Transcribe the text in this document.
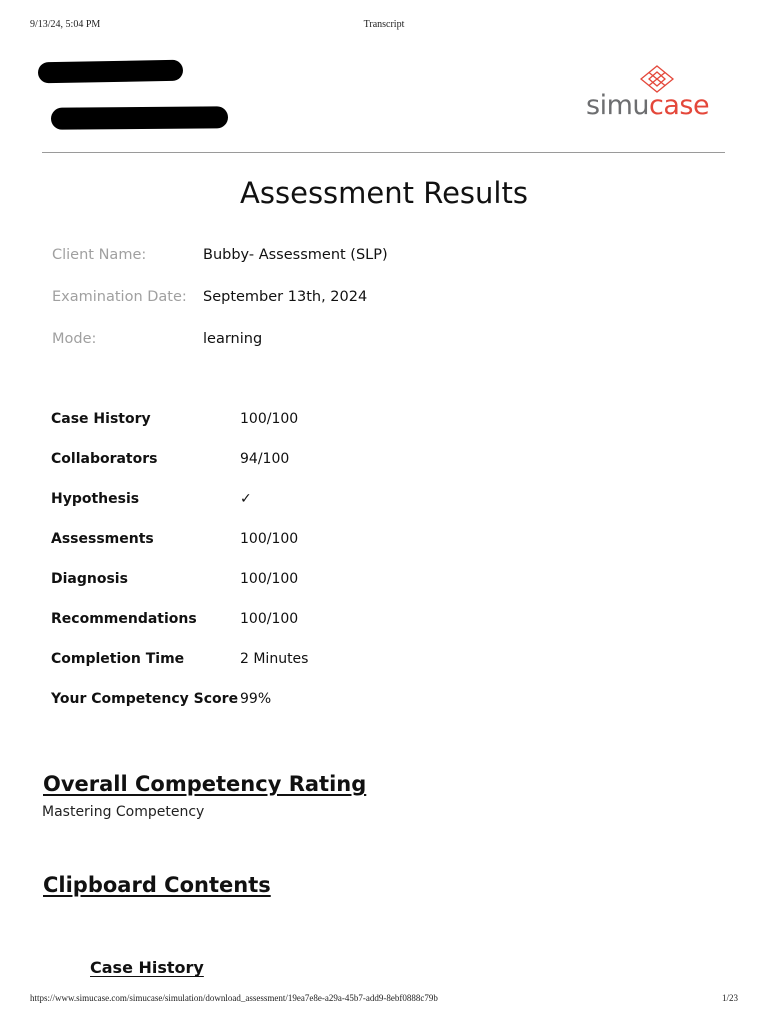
9/13/24, 5:04 PM	Transcript
simucase
Assessment Results
Client Name:	Bubby- Assessment (SLP)
Examination Date: September 13th, 2024
Mode:	learning
Case History	100/100
Collaborators	94/100
Hypothesis	✓
Assessments	100/100
Diagnosis	100/100
Recommendations	100/100
Completion Time	2 Minutes
Your Competency Score 99%
Overall Competency Rating

Mastering Competency

Clipboard Contents
Case History
https://www.simucase.com/simucase/simulation/download_assessment/19ea7e8e-a29a-45b7-add9-8ebf0888c79b	1/23
